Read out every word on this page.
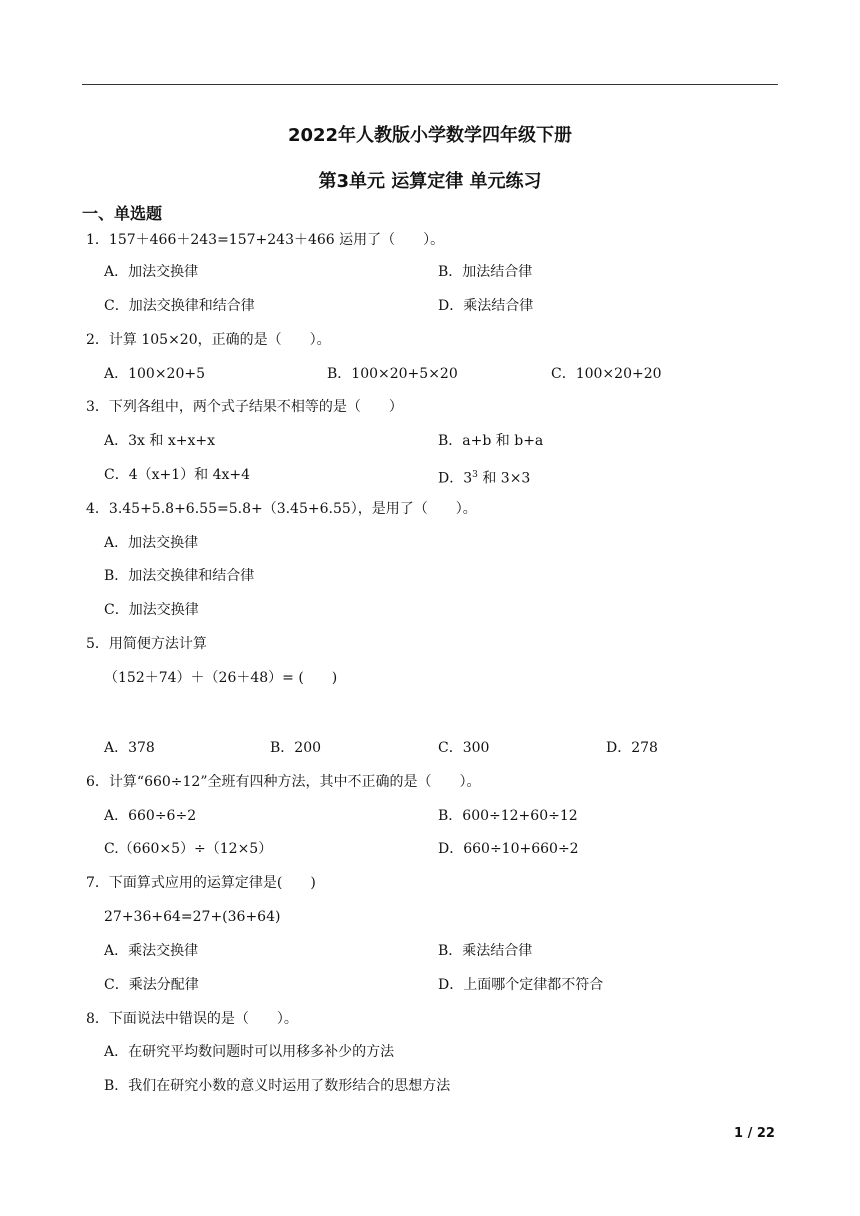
2022年人教版小学数学四年级下册
第3单元 运算定律 单元练习
一、单选题
1．157＋466＋243=157+243＋466 运用了（　　）。
A．加法交换律	B．加法结合律
C．加法交换律和结合律	D．乘法结合律
2．计算 105×20，正确的是（　　）。
A．100×20+5	B．100×20+5×20	C．100×20+20
3．下列各组中，两个式子结果不相等的是（　　）
A．3x 和 x+x+x	B．a+b 和 b+a
C．4（x+1）和 4x+4	D．$3^3$ 和 3×3
4．3.45+5.8+6.55=5.8+（3.45+6.55），是用了（　　）。
A．加法交换律
B．加法交换律和结合律
C．加法交换律
5．用简便方法计算
（152＋74）＋（26＋48）= (　　)
A．378	B．200	C．300	D．278
6．计算“660÷12”全班有四种方法，其中不正确的是（　　）。
A．660÷6÷2	B．600÷12+60÷12
C.（660×5）÷（12×5）	D．660÷10+660÷2
7．下面算式应用的运算定律是(　　)
27+36+64=27+(36+64)
A．乘法交换律	B．乘法结合律
C．乘法分配律	D．上面哪个定律都不符合
8．下面说法中错误的是（　　）。
A．在研究平均数问题时可以用移多补少的方法
B．我们在研究小数的意义时运用了数形结合的思想方法
1 / 22
